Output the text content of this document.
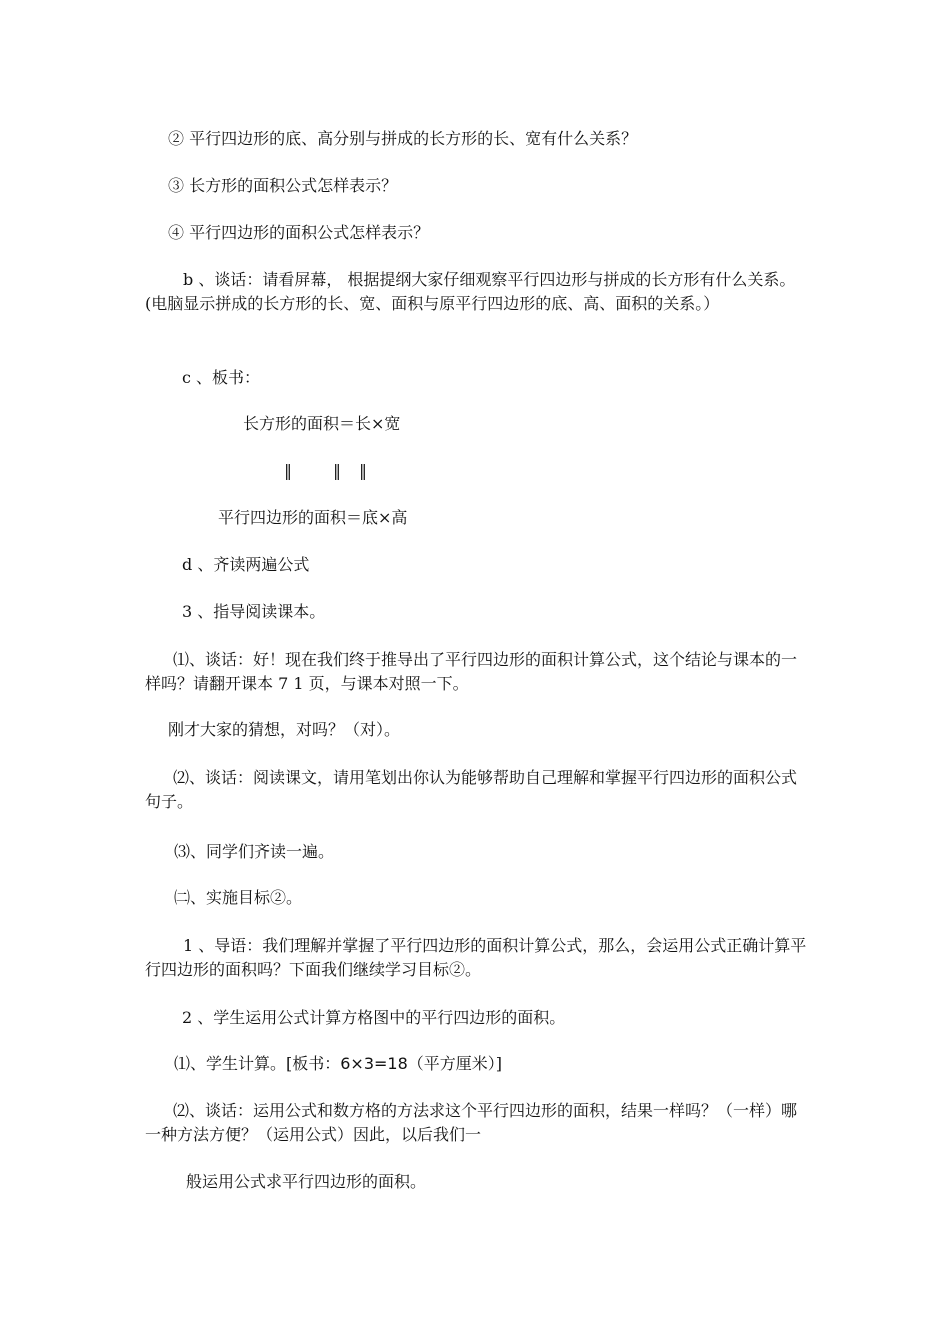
② 平行四边形的底、高分别与拼成的长方形的长、宽有什么关系？

③ 长方形的面积公式怎样表示？

④ 平行四边形的面积公式怎样表示？

b 、谈话：请看屏幕， 根据提纲大家仔细观察平行四边形与拼成的长方形有什么关系。(电脑显示拼成的长方形的长、宽、面积与原平行四边形的底、高、面积的关系。）

c 、板书：

长方形的面积＝长×宽

‖	‖ ‖

平行四边形的面积＝底×高

d 、齐读两遍公式

3 、指导阅读课本。

⑴、谈话：好！现在我们终于推导出了平行四边形的面积计算公式，这个结论与课本的一样吗？请翻开课本 7 1 页，与课本对照一下。

刚才大家的猜想，对吗？（对）。

⑵、谈话：阅读课文，请用笔划出你认为能够帮助自己理解和掌握平行四边形的面积公式句子。

⑶、同学们齐读一遍。

㈡、实施目标②。

1 、导语：我们理解并掌握了平行四边形的面积计算公式，那么，会运用公式正确计算平行四边形的面积吗？下面我们继续学习目标②。

2 、学生运用公式计算方格图中的平行四边形的面积。

⑴、学生计算。[板书：6×3=18（平方厘米）]

⑵、谈话：运用公式和数方格的方法求这个平行四边形的面积，结果一样吗？（一样）哪一种方法方便？（运用公式）因此，以后我们一

般运用公式求平行四边形的面积。
